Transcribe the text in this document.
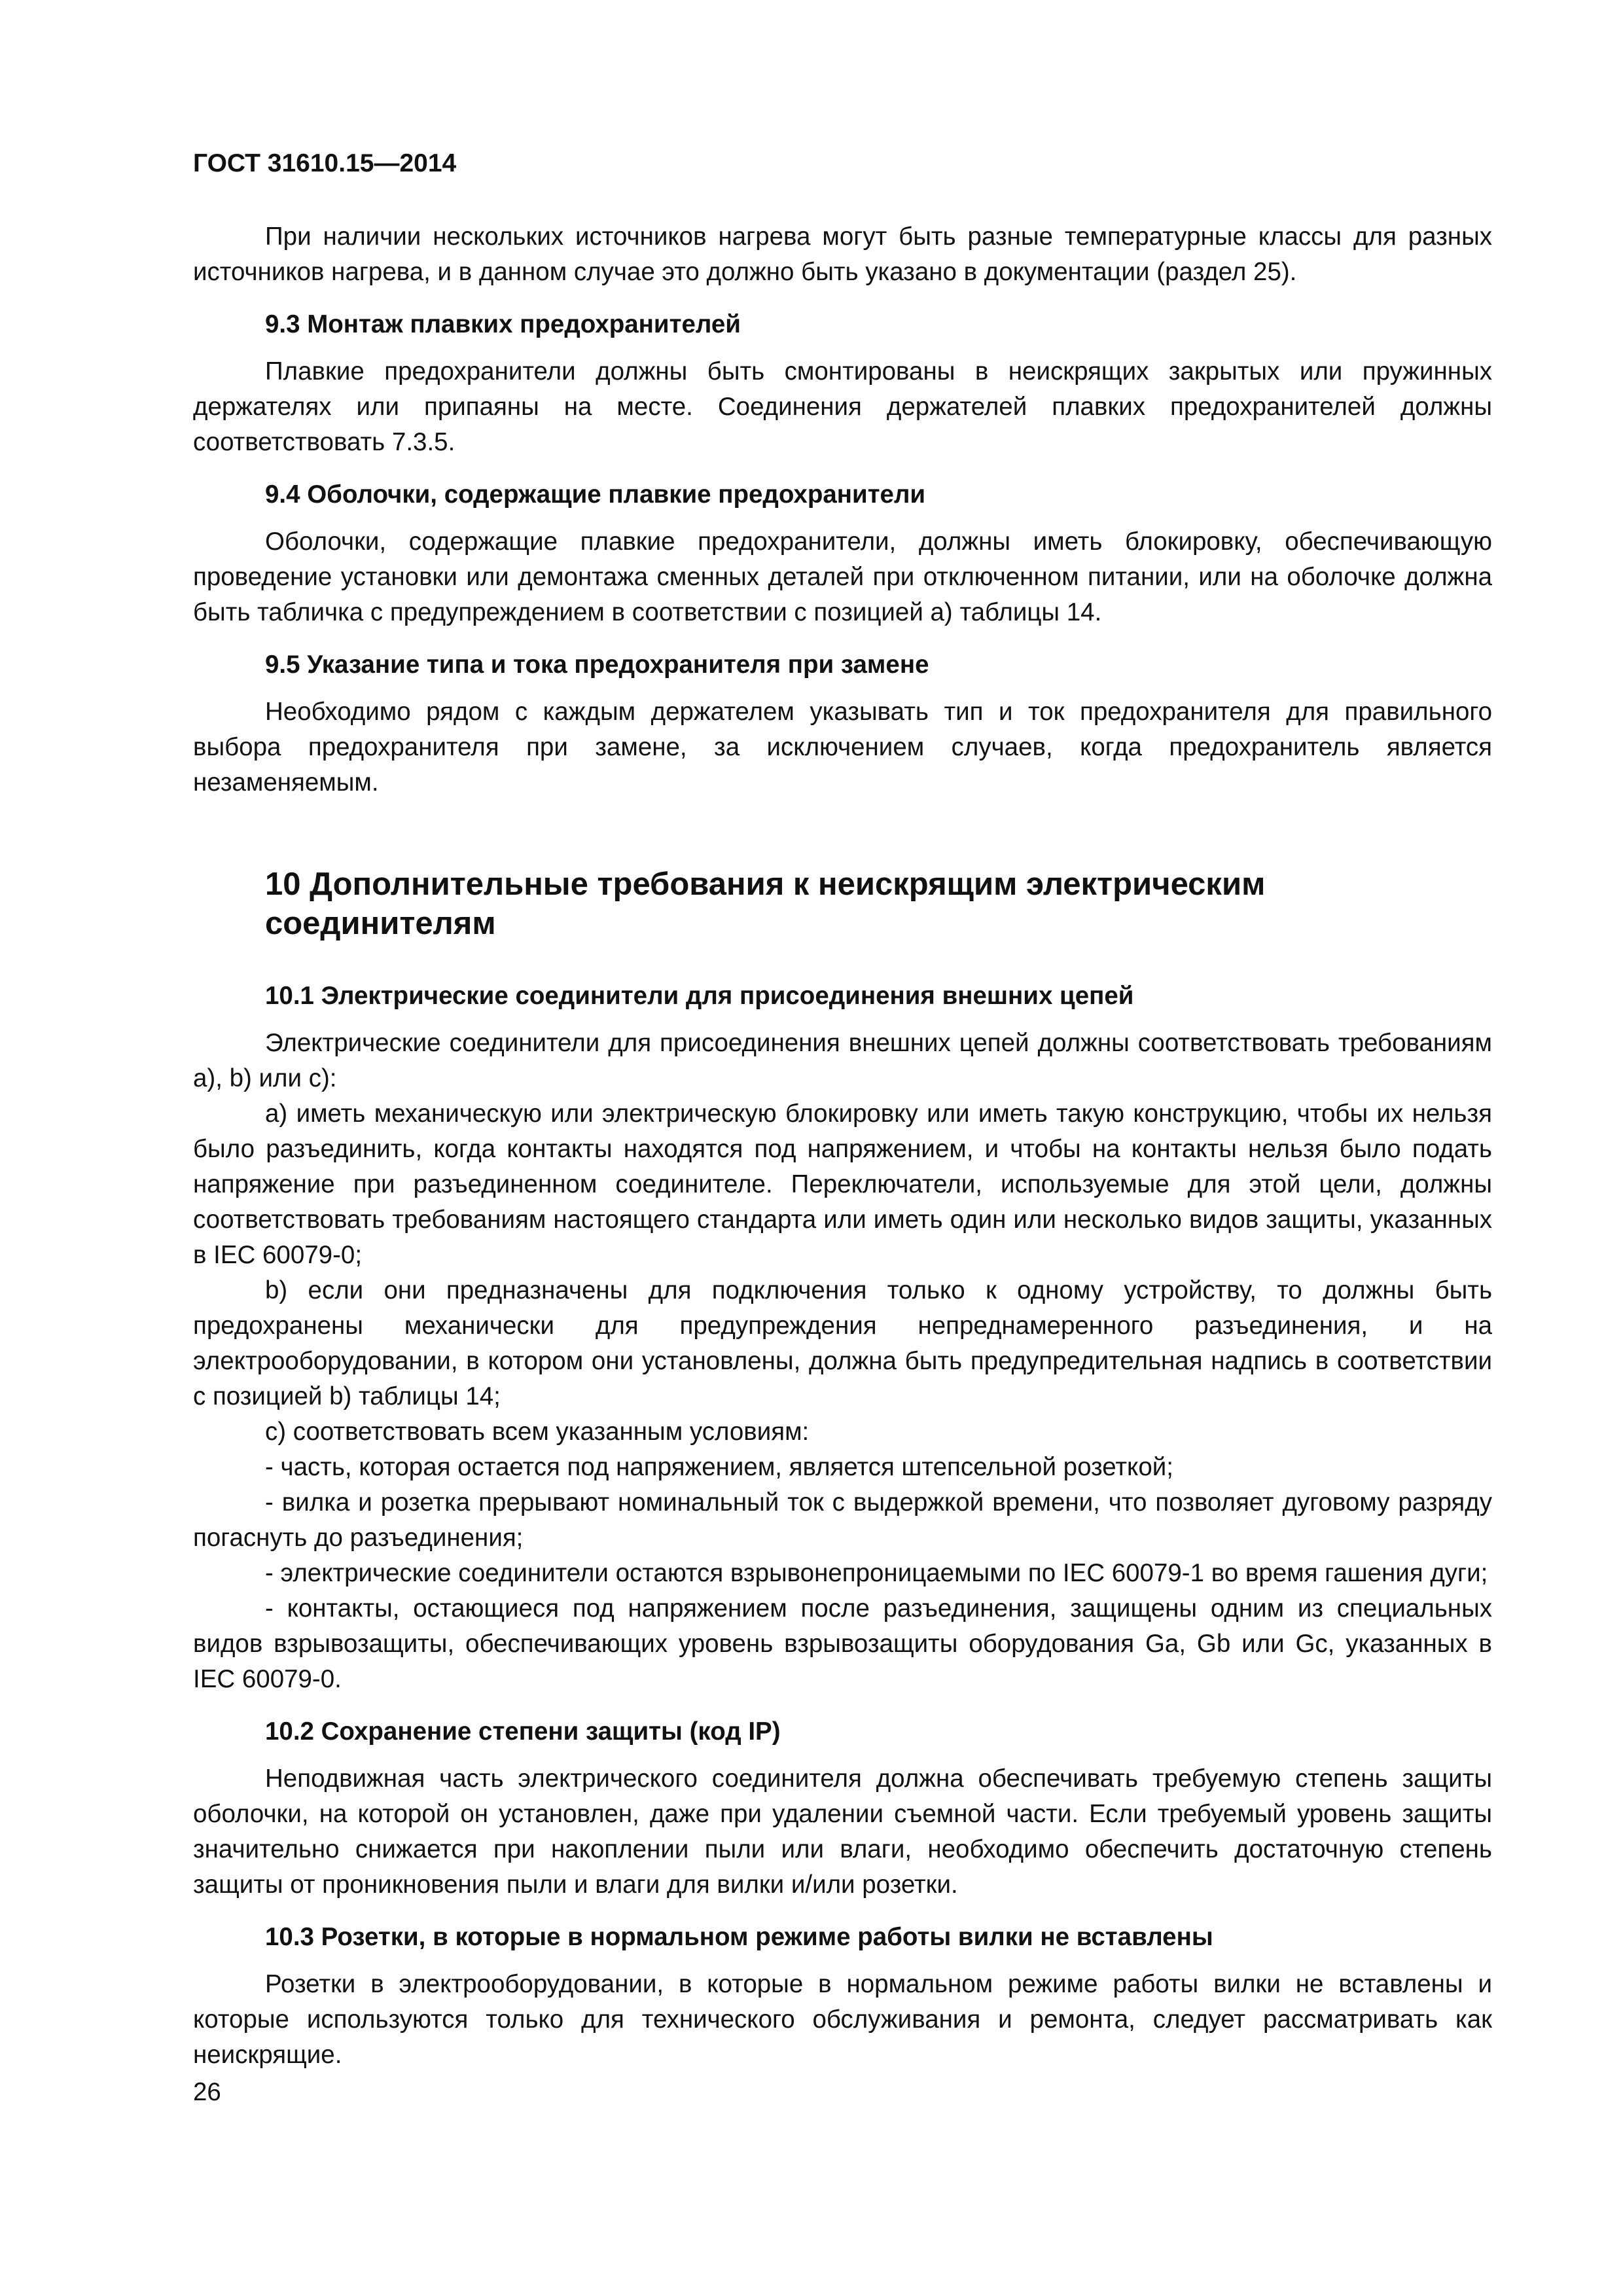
ГОСТ 31610.15—2014

При наличии нескольких источников нагрева могут быть разные температурные классы для разных источников нагрева, и в данном случае это должно быть указано в документации (раздел 25).

9.3 Монтаж плавких предохранителей

Плавкие предохранители должны быть смонтированы в неискрящих закрытых или пружинных держателях или припаяны на месте. Соединения держателей плавких предохранителей должны соответствовать 7.3.5.

9.4 Оболочки, содержащие плавкие предохранители

Оболочки, содержащие плавкие предохранители, должны иметь блокировку, обеспечивающую проведение установки или демонтажа сменных деталей при отключенном питании, или на оболочке должна быть табличка с предупреждением в соответствии с позицией а) таблицы 14.

9.5 Указание типа и тока предохранителя при замене

Необходимо рядом с каждым держателем указывать тип и ток предохранителя для правильного выбора предохранителя при замене, за исключением случаев, когда предохранитель является незаменяемым.

10 Дополнительные требования к неискрящим электрическим соединителям
10.1 Электрические соединители для присоединения внешних цепей

Электрические соединители для присоединения внешних цепей должны соответствовать требованиям a), b) или c):

a) иметь механическую или электрическую блокировку или иметь такую конструкцию, чтобы их нельзя было разъединить, когда контакты находятся под напряжением, и чтобы на контакты нельзя было подать напряжение при разъединенном соединителе. Переключатели, используемые для этой цели, должны соответствовать требованиям настоящего стандарта или иметь один или несколько видов защиты, указанных в IEC 60079-0;

b) если они предназначены для подключения только к одному устройству, то должны быть предохранены механически для предупреждения непреднамеренного разъединения, и на электрооборудовании, в котором они установлены, должна быть предупредительная надпись в соответствии с позицией b) таблицы 14;

c) соответствовать всем указанным условиям:

- часть, которая остается под напряжением, является штепсельной розеткой;

- вилка и розетка прерывают номинальный ток с выдержкой времени, что позволяет дуговому разряду погаснуть до разъединения;

- электрические соединители остаются взрывонепроницаемыми по IEC 60079-1 во время гашения дуги;

- контакты, остающиеся под напряжением после разъединения, защищены одним из специальных видов взрывозащиты, обеспечивающих уровень взрывозащиты оборудования Ga, Gb или Gc, указанных в IEC 60079-0.

10.2 Сохранение степени защиты (код IP)

Неподвижная часть электрического соединителя должна обеспечивать требуемую степень защиты оболочки, на которой он установлен, даже при удалении съемной части. Если требуемый уровень защиты значительно снижается при накоплении пыли или влаги, необходимо обеспечить достаточную степень защиты от проникновения пыли и влаги для вилки и/или розетки.

10.3 Розетки, в которые в нормальном режиме работы вилки не вставлены

Розетки в электрооборудовании, в которые в нормальном режиме работы вилки не вставлены и которые используются только для технического обслуживания и ремонта, следует рассматривать как неискрящие.

26
